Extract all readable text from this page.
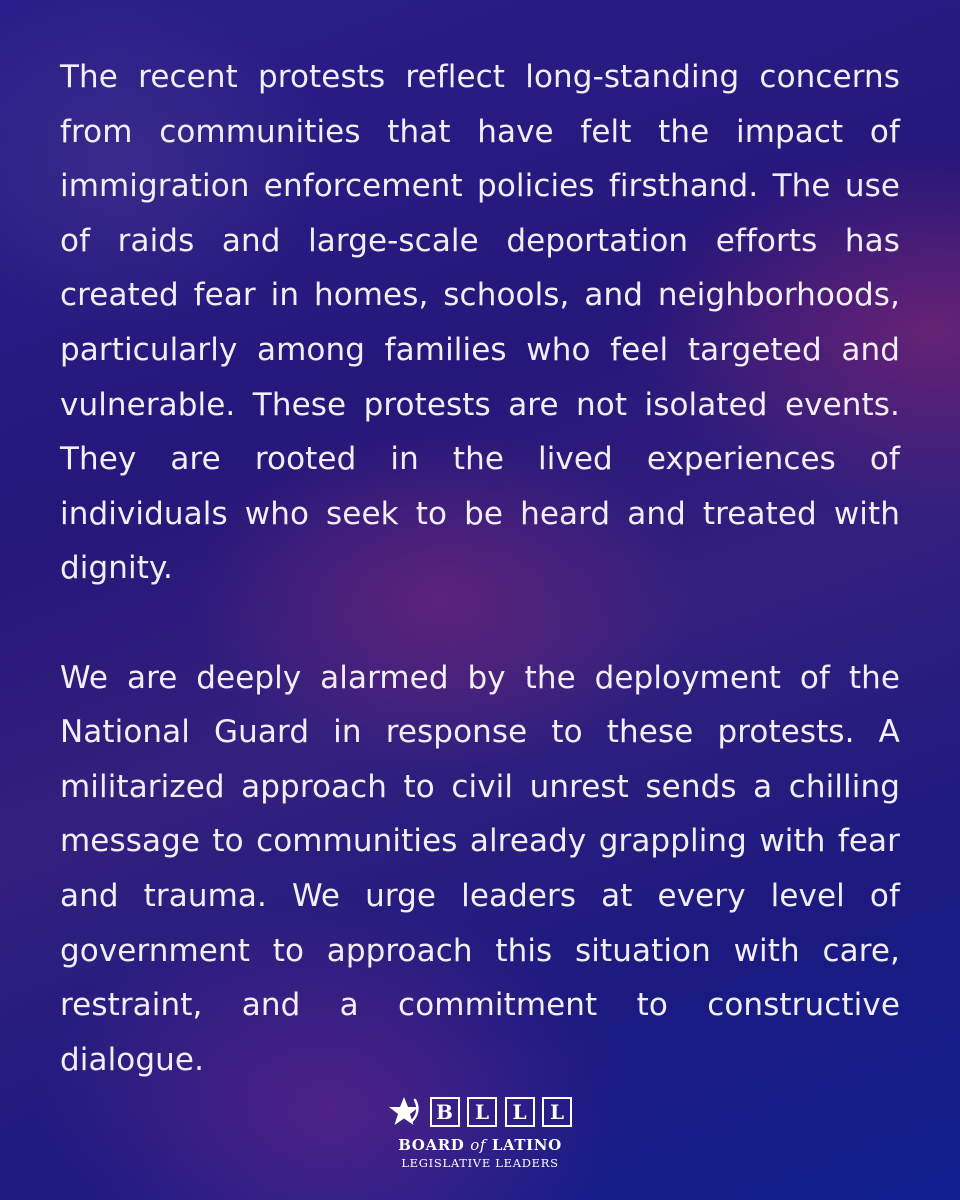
The recent protests reflect long-standing concerns from communities that have felt the impact of immigration enforcement policies firsthand. The use of raids and large-scale deportation efforts has created fear in homes, schools, and neighborhoods, particularly among families who feel targeted and vulnerable. These protests are not isolated events. They are rooted in the lived experiences of individuals who seek to be heard and treated with dignity.

We are deeply alarmed by the deployment of the National Guard in response to these protests. A militarized approach to civil unrest sends a chilling message to communities already grappling with fear and trauma. We urge leaders at every level of government to approach this situation with care, restraint, and a commitment to constructive dialogue.

B	L	L	L
BOARD of LATINO
LEGISLATIVE LEADERS
